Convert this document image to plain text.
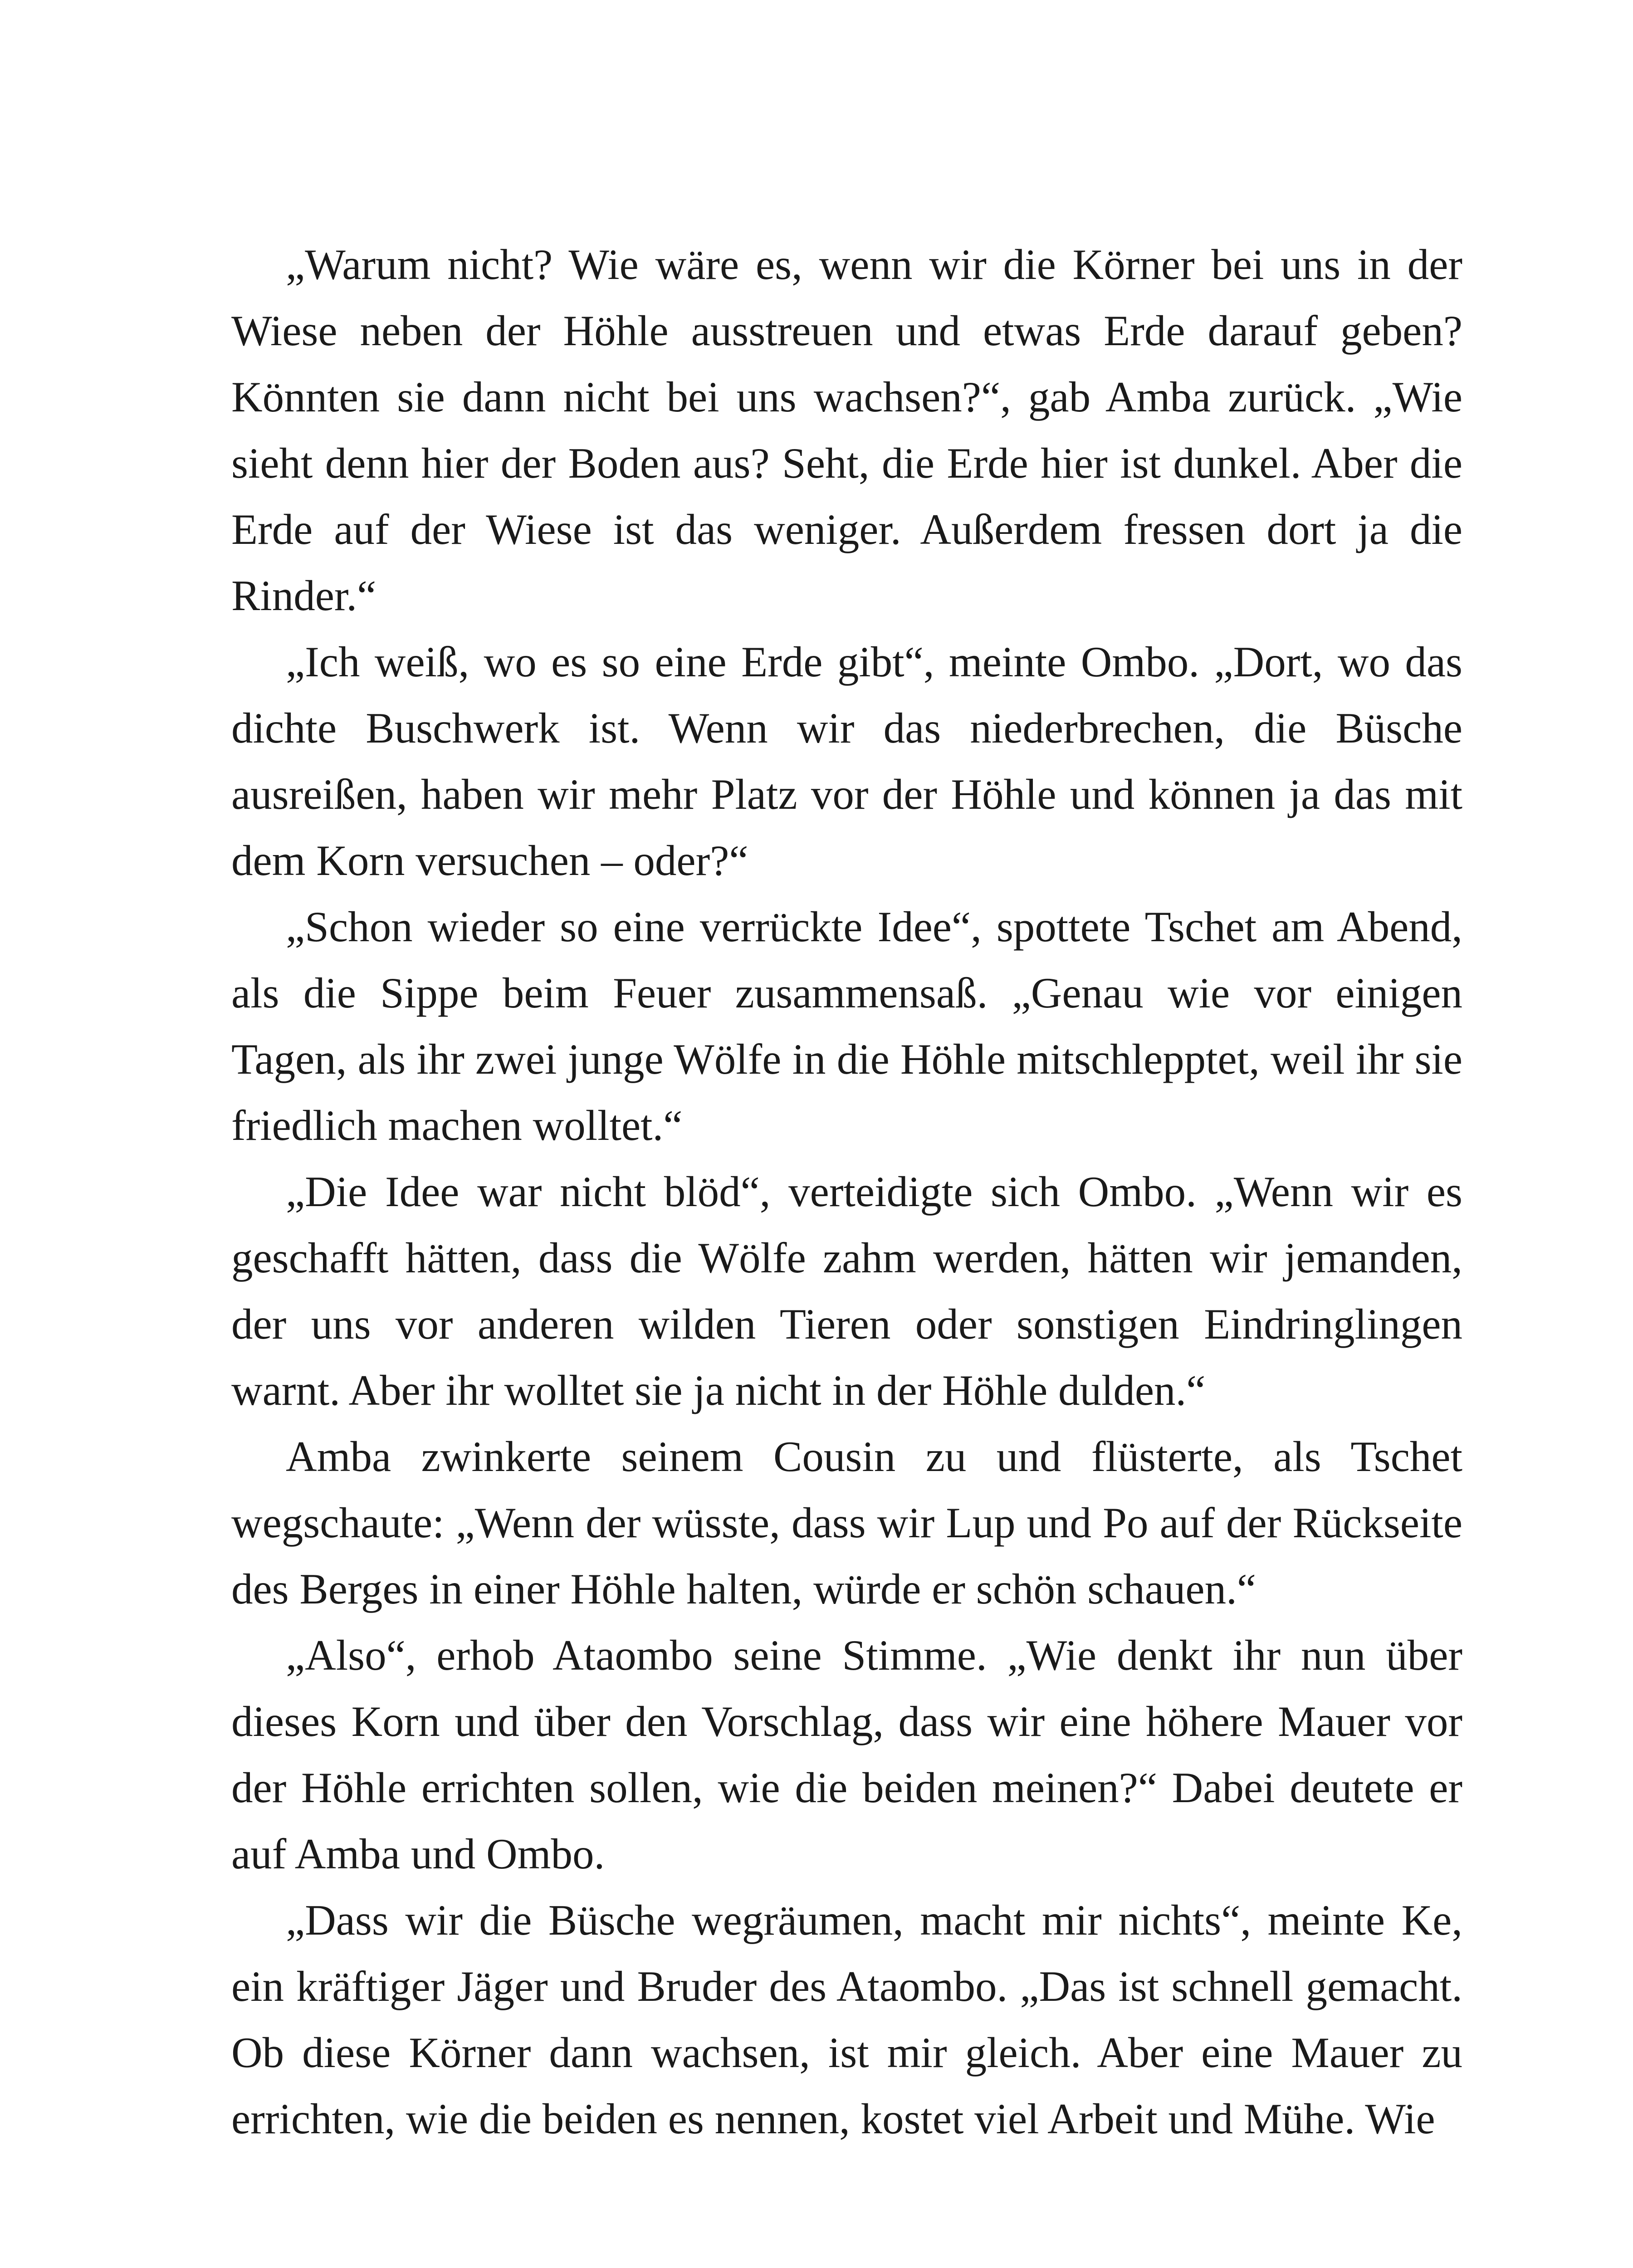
„Warum nicht? Wie wäre es, wenn wir die Körner bei uns in der Wiese neben der Höhle ausstreuen und etwas Erde darauf geben? Könnten sie dann nicht bei uns wachsen?“, gab Amba zurück. „Wie sieht denn hier der Boden aus? Seht, die Erde hier ist dunkel. Aber die Erde auf der Wiese ist das weniger. Außerdem fressen dort ja die Rinder.“

„Ich weiß, wo es so eine Erde gibt“, meinte Ombo. „Dort, wo das dichte Buschwerk ist. Wenn wir das niederbrechen, die Büsche ausreißen, haben wir mehr Platz vor der Höhle und können ja das mit dem Korn versuchen – oder?“

„Schon wieder so eine verrückte Idee“, spottete Tschet am Abend, als die Sippe beim Feuer zusammensaß. „Genau wie vor einigen Tagen, als ihr zwei junge Wölfe in die Höhle mitschlepptet, weil ihr sie friedlich machen wolltet.“

„Die Idee war nicht blöd“, verteidigte sich Ombo. „Wenn wir es geschafft hätten, dass die Wölfe zahm werden, hätten wir jemanden, der uns vor anderen wilden Tieren oder sonstigen Eindringlingen warnt. Aber ihr wolltet sie ja nicht in der Höhle dulden.“

Amba zwinkerte seinem Cousin zu und flüsterte, als Tschet wegschaute: „Wenn der wüsste, dass wir Lup und Po auf der Rückseite des Berges in einer Höhle halten, würde er schön schauen.“

„Also“, erhob Ataombo seine Stimme. „Wie denkt ihr nun über dieses Korn und über den Vorschlag, dass wir eine höhere Mauer vor der Höhle errichten sollen, wie die beiden meinen?“ Dabei deutete er auf Amba und Ombo.

„Dass wir die Büsche wegräumen, macht mir nichts“, meinte Ke, ein kräftiger Jäger und Bruder des Ataombo. „Das ist schnell gemacht. Ob diese Körner dann wachsen, ist mir gleich. Aber eine Mauer zu errichten, wie die beiden es nennen, kostet viel Arbeit und Mühe. Wie
